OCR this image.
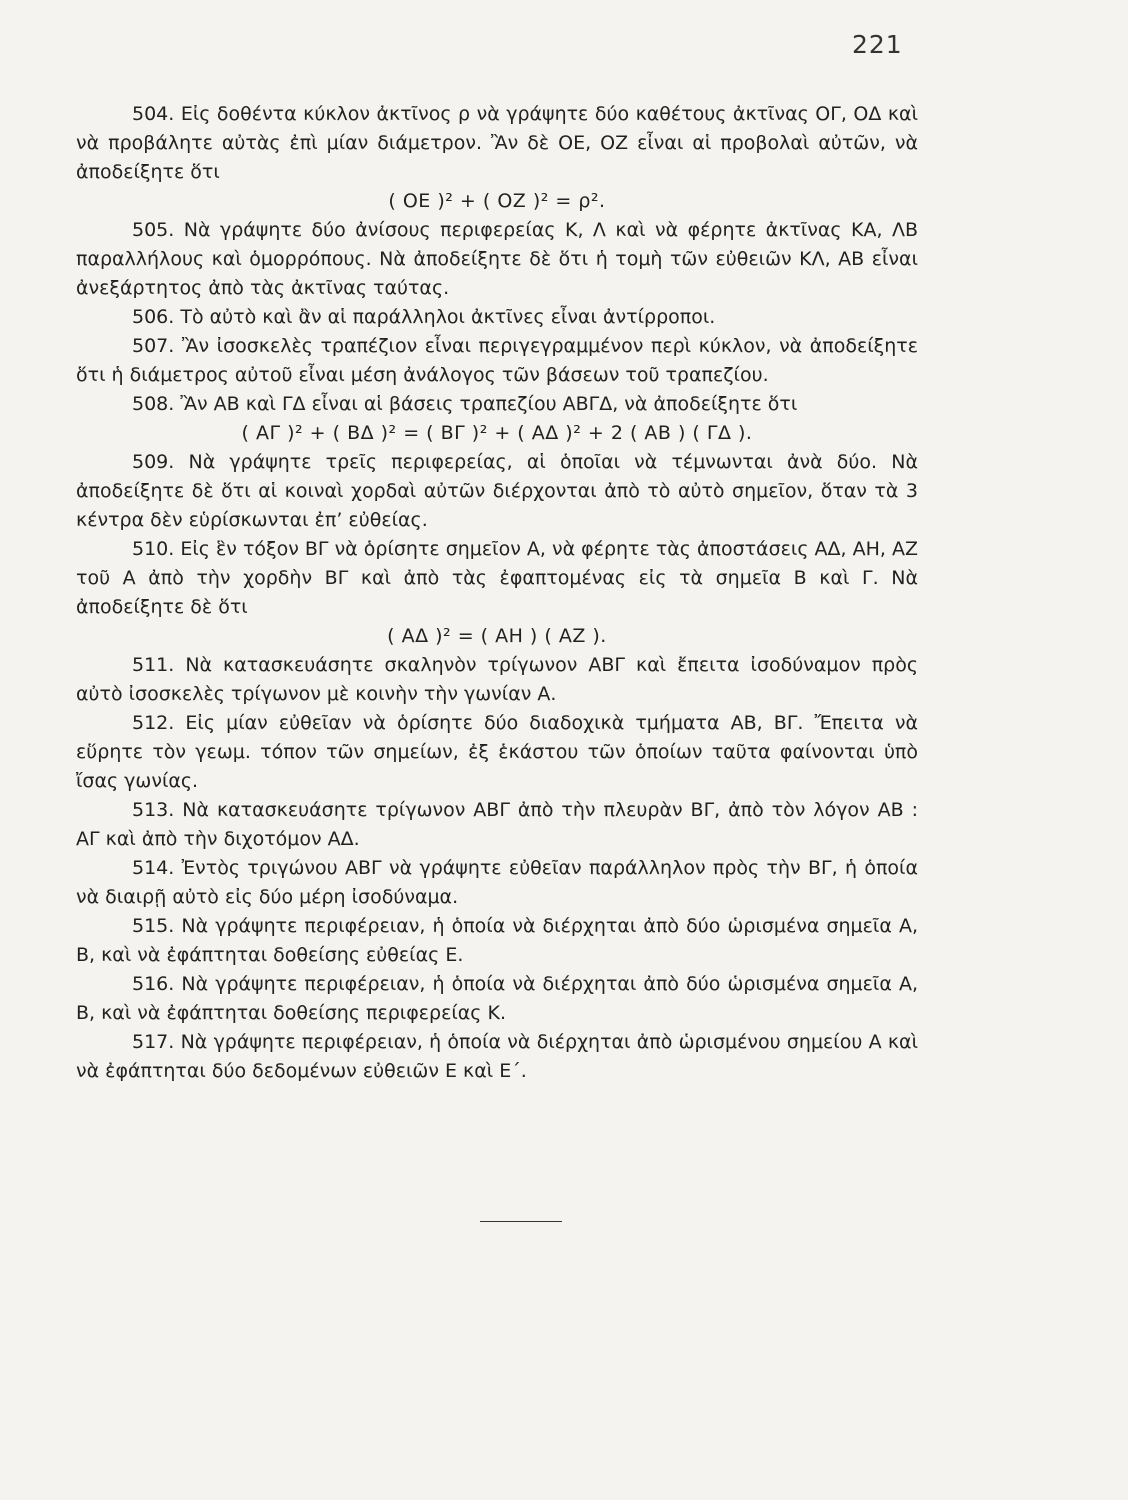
221

504. Εἰς δοθέντα κύκλον ἀκτῖνος ρ νὰ γράψητε δύο καθέτους ἀκτῖνας ΟΓ, ΟΔ καὶ νὰ προβάλητε αὐτὰς ἐπὶ μίαν διάμετρον. Ἂν δὲ ΟΕ, ΟΖ εἶναι αἱ προβολαὶ αὐτῶν, νὰ ἀποδείξητε ὅτι

( ΟΕ )² + ( ΟΖ )² = ρ².

505. Νὰ γράψητε δύο ἀνίσους περιφερείας Κ, Λ καὶ νὰ φέρητε ἀκτῖνας ΚΑ, ΛΒ παραλλήλους καὶ ὁμορρόπους. Νὰ ἀποδείξητε δὲ ὅτι ἡ τομὴ τῶν εὐθειῶν ΚΛ, ΑΒ εἶναι ἀνεξάρτητος ἀπὸ τὰς ἀκτῖνας ταύτας.

506. Τὸ αὐτὸ καὶ ἂν αἱ παράλληλοι ἀκτῖνες εἶναι ἀντίρροποι.

507. Ἂν ἰσοσκελὲς τραπέζιον εἶναι περιγεγραμμένον περὶ κύκλον, νὰ ἀποδείξητε ὅτι ἡ διάμετρος αὐτοῦ εἶναι μέση ἀνάλογος τῶν βάσεων τοῦ τραπεζίου.

508. Ἂν ΑΒ καὶ ΓΔ εἶναι αἱ βάσεις τραπεζίου ΑΒΓΔ, νὰ ἀποδείξητε ὅτι

( ΑΓ )² + ( ΒΔ )² = ( ΒΓ )² + ( ΑΔ )² + 2 ( ΑΒ ) ( ΓΔ ).

509. Νὰ γράψητε τρεῖς περιφερείας, αἱ ὁποῖαι νὰ τέμνωνται ἀνὰ δύο. Νὰ ἀποδείξητε δὲ ὅτι αἱ κοιναὶ χορδαὶ αὐτῶν διέρχονται ἀπὸ τὸ αὐτὸ σημεῖον, ὅταν τὰ 3 κέντρα δὲν εὑρίσκωνται ἐπ’ εὐθείας.

510. Εἰς ἓν τόξον ΒΓ νὰ ὁρίσητε σημεῖον Α, νὰ φέρητε τὰς ἀποστάσεις ΑΔ, ΑΗ, ΑΖ τοῦ Α ἀπὸ τὴν χορδὴν ΒΓ καὶ ἀπὸ τὰς ἐφαπτομένας εἰς τὰ σημεῖα Β καὶ Γ. Νὰ ἀποδείξητε δὲ ὅτι

( ΑΔ )² = ( ΑΗ ) ( ΑΖ ).

511. Νὰ κατασκευάσητε σκαληνὸν τρίγωνον ΑΒΓ καὶ ἔπειτα ἰσοδύναμον πρὸς αὐτὸ ἰσοσκελὲς τρίγωνον μὲ κοινὴν τὴν γωνίαν Α.

512. Εἰς μίαν εὐθεῖαν νὰ ὁρίσητε δύο διαδοχικὰ τμήματα ΑΒ, ΒΓ. Ἔπειτα νὰ εὕρητε τὸν γεωμ. τόπον τῶν σημείων, ἐξ ἑκάστου τῶν ὁποίων ταῦτα φαίνονται ὑπὸ ἴσας γωνίας.

513. Νὰ κατασκευάσητε τρίγωνον ΑΒΓ ἀπὸ τὴν πλευρὰν ΒΓ, ἀπὸ τὸν λόγον ΑΒ : ΑΓ καὶ ἀπὸ τὴν διχοτόμον ΑΔ.

514. Ἐντὸς τριγώνου ΑΒΓ νὰ γράψητε εὐθεῖαν παράλληλον πρὸς τὴν ΒΓ, ἡ ὁποία νὰ διαιρῇ αὐτὸ εἰς δύο μέρη ἰσοδύναμα.

515. Νὰ γράψητε περιφέρειαν, ἡ ὁποία νὰ διέρχηται ἀπὸ δύο ὡρισμένα σημεῖα Α, Β, καὶ νὰ ἐφάπτηται δοθείσης εὐθείας Ε.

516. Νὰ γράψητε περιφέρειαν, ἡ ὁποία νὰ διέρχηται ἀπὸ δύο ὡρισμένα σημεῖα Α, Β, καὶ νὰ ἐφάπτηται δοθείσης περιφερείας Κ.

517. Νὰ γράψητε περιφέρειαν, ἡ ὁποία νὰ διέρχηται ἀπὸ ὡρισμένου σημείου Α καὶ νὰ ἐφάπτηται δύο δεδομένων εὐθειῶν Ε καὶ Ε΄.
